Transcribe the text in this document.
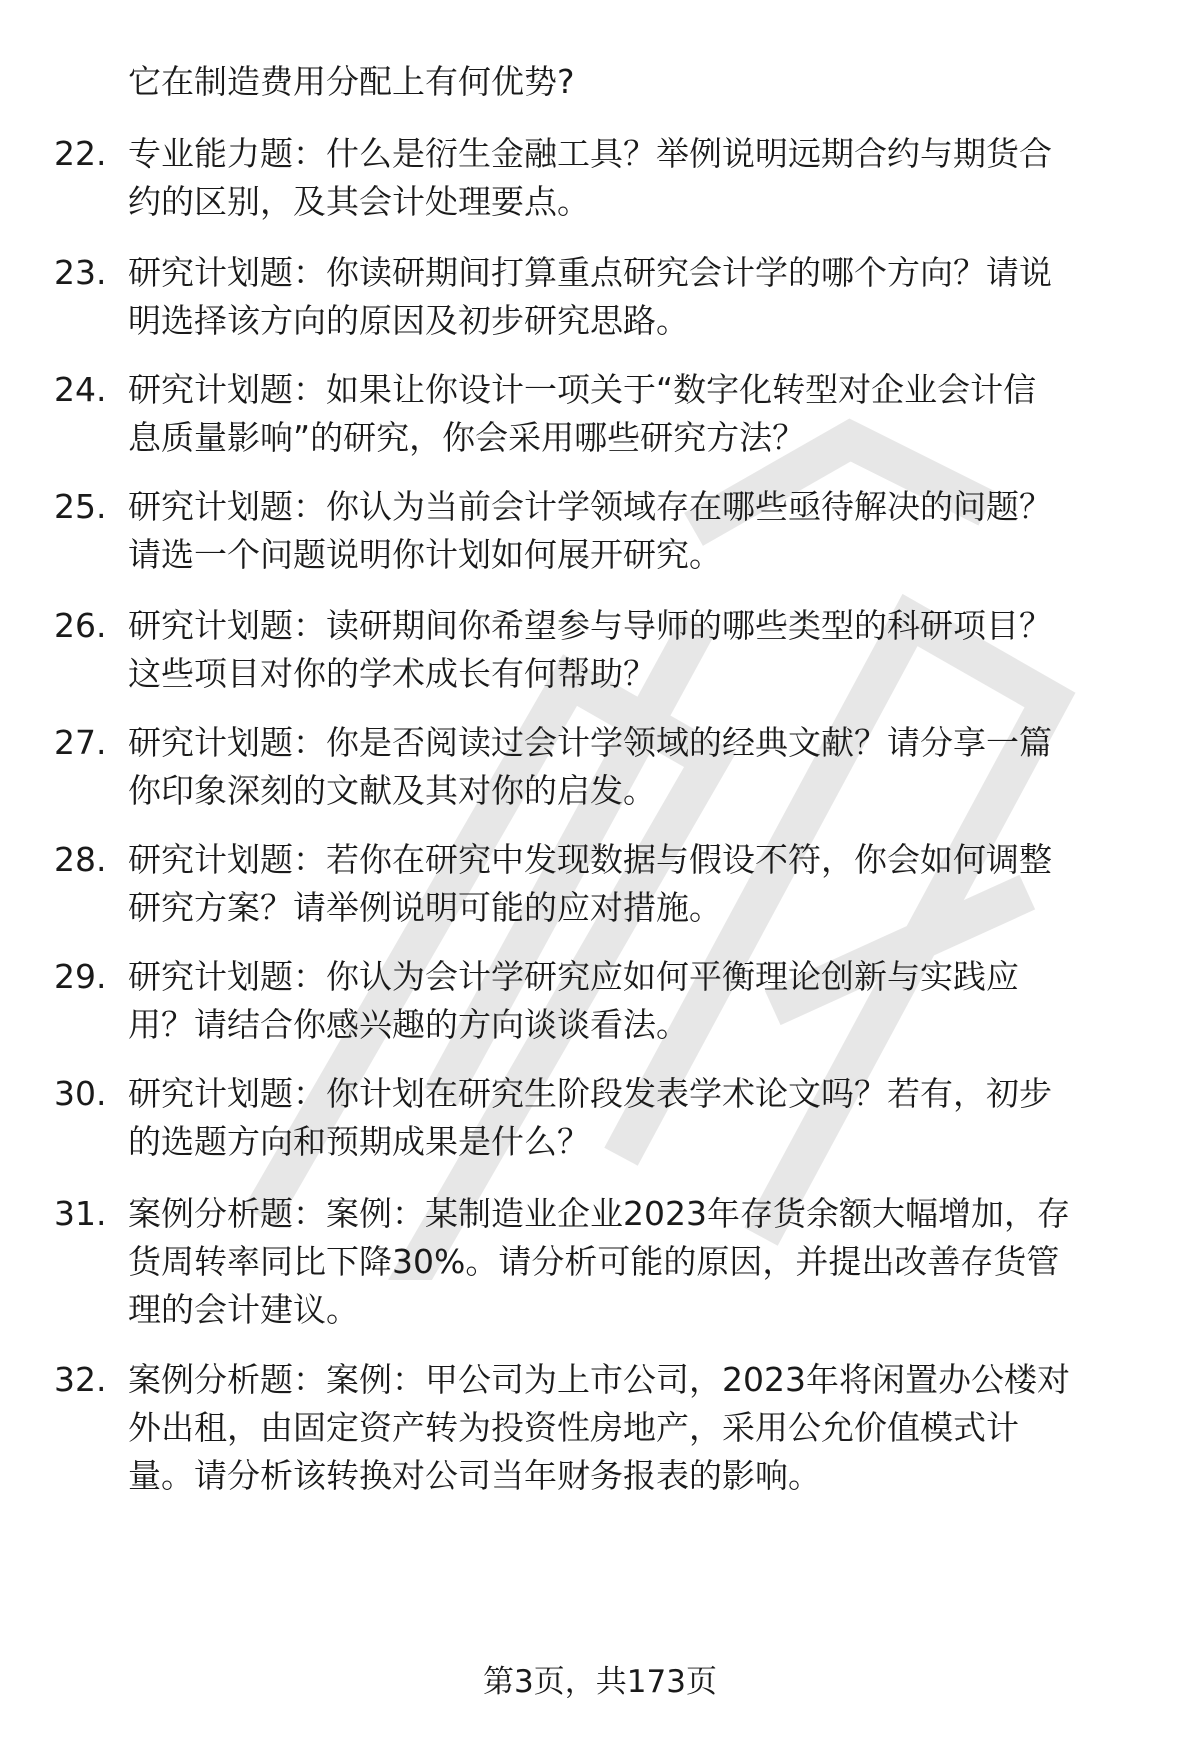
它在制造费用分配上有何优势?

22. 专业能力题：什么是衍生金融工具？举例说明远期合约与期货合
约的区别，及其会计处理要点。
23. 研究计划题：你读研期间打算重点研究会计学的哪个方向？请说
明选择该方向的原因及初步研究思路。
24. 研究计划题：如果让你设计一项关于“数字化转型对企业会计信
息质量影响”的研究，你会采用哪些研究方法？
25. 研究计划题：你认为当前会计学领域存在哪些亟待解决的问题？
请选一个问题说明你计划如何展开研究。
26. 研究计划题：读研期间你希望参与导师的哪些类型的科研项目？
这些项目对你的学术成长有何帮助？
27. 研究计划题：你是否阅读过会计学领域的经典文献？请分享一篇
你印象深刻的文献及其对你的启发。
28. 研究计划题：若你在研究中发现数据与假设不符，你会如何调整
研究方案？请举例说明可能的应对措施。
29. 研究计划题：你认为会计学研究应如何平衡理论创新与实践应
用？请结合你感兴趣的方向谈谈看法。
30. 研究计划题：你计划在研究生阶段发表学术论文吗？若有，初步
的选题方向和预期成果是什么？
31. 案例分析题：案例：某制造业企业2023年存货余额大幅增加，存
货周转率同比下降30%。请分析可能的原因，并提出改善存货管
理的会计建议。
32. 案例分析题：案例：甲公司为上市公司，2023年将闲置办公楼对
外出租，由固定资产转为投资性房地产，采用公允价值模式计
量。请分析该转换对公司当年财务报表的影响。
第3页，共173页
